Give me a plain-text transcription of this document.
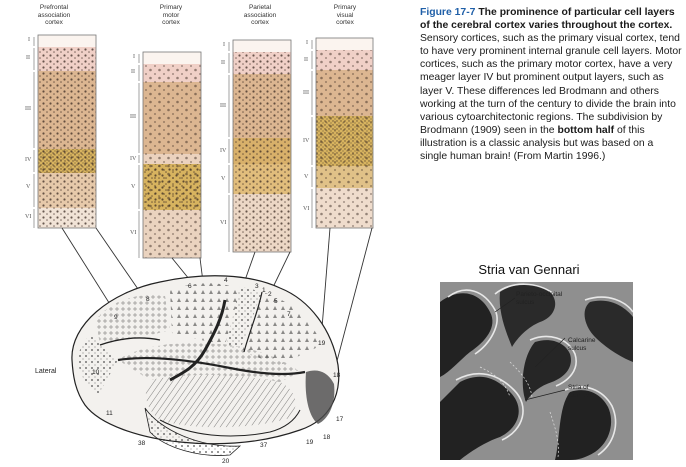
Prefrontal
association
cortex
Primary
motor
cortex
Parietal
association
cortex
Primary
visual
cortex
I
II
III
IV
V
VI
I
II
III
IV
V
VI
I
II
III
IV
V
VI
I
II
III
IV
V
VI
Lateral
8
6
4
3
1
2
5
7
9
10
11
19
18
17
38	37
20
18
19
Figure 17-7 The prominence of particular cell layers of the cerebral cortex varies throughout the cortex. Sensory cortices, such as the primary visual cortex, tend to have very prominent internal granule cell layers. Motor cortices, such as the primary motor cortex, have a very meager layer IV but prominent output layers, such as layer V. These differences led Brodmann and others working at the turn of the century to divide the brain into various cytoarchitectonic regions. The subdivision by Brodmann (1909) seen in the bottom half of this illustration is a classic analysis but was based on a single human brain! (From Martin 1996.)
Stria van Gennari
Parieto-occipital
sulcus
Calcarine
sulcus
Stria of
Gennari
